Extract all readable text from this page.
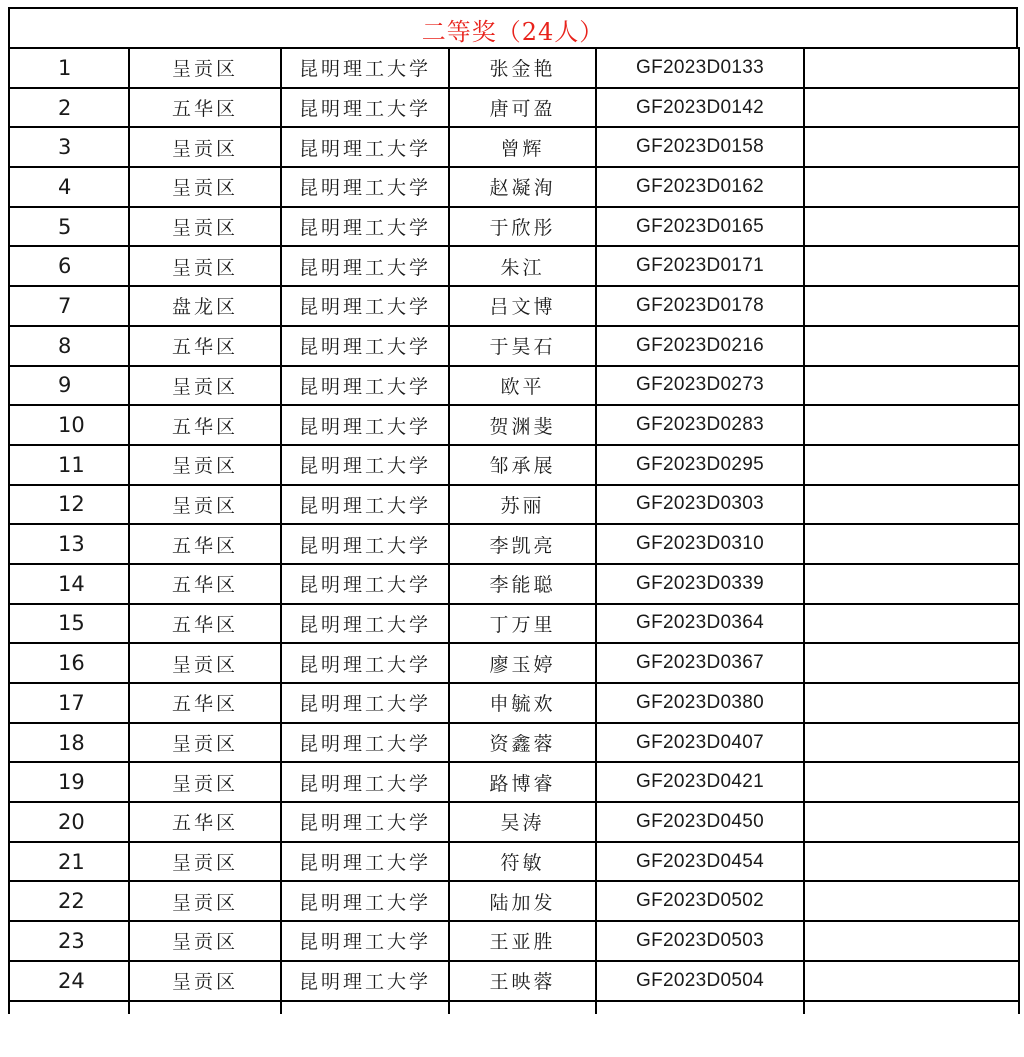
二等奖（24人）
1	呈贡区	昆明理工大学	张金艳	GF2023D0133	
2	五华区	昆明理工大学	唐可盈	GF2023D0142	
3	呈贡区	昆明理工大学	曾辉	GF2023D0158	
4	呈贡区	昆明理工大学	赵凝洵	GF2023D0162	
5	呈贡区	昆明理工大学	于欣彤	GF2023D0165	
6	呈贡区	昆明理工大学	朱江	GF2023D0171	
7	盘龙区	昆明理工大学	吕文博	GF2023D0178	
8	五华区	昆明理工大学	于昊石	GF2023D0216	
9	呈贡区	昆明理工大学	欧平	GF2023D0273	
10	五华区	昆明理工大学	贺渊斐	GF2023D0283	
11	呈贡区	昆明理工大学	邹承展	GF2023D0295	
12	呈贡区	昆明理工大学	苏丽	GF2023D0303	
13	五华区	昆明理工大学	李凯亮	GF2023D0310	
14	五华区	昆明理工大学	李能聪	GF2023D0339	
15	五华区	昆明理工大学	丁万里	GF2023D0364	
16	呈贡区	昆明理工大学	廖玉婷	GF2023D0367	
17	五华区	昆明理工大学	申毓欢	GF2023D0380	
18	呈贡区	昆明理工大学	资鑫蓉	GF2023D0407	
19	呈贡区	昆明理工大学	路博睿	GF2023D0421	
20	五华区	昆明理工大学	吴涛	GF2023D0450	
21	呈贡区	昆明理工大学	符敏	GF2023D0454	
22	呈贡区	昆明理工大学	陆加发	GF2023D0502	
23	呈贡区	昆明理工大学	王亚胜	GF2023D0503	
24	呈贡区	昆明理工大学	王映蓉	GF2023D0504	
